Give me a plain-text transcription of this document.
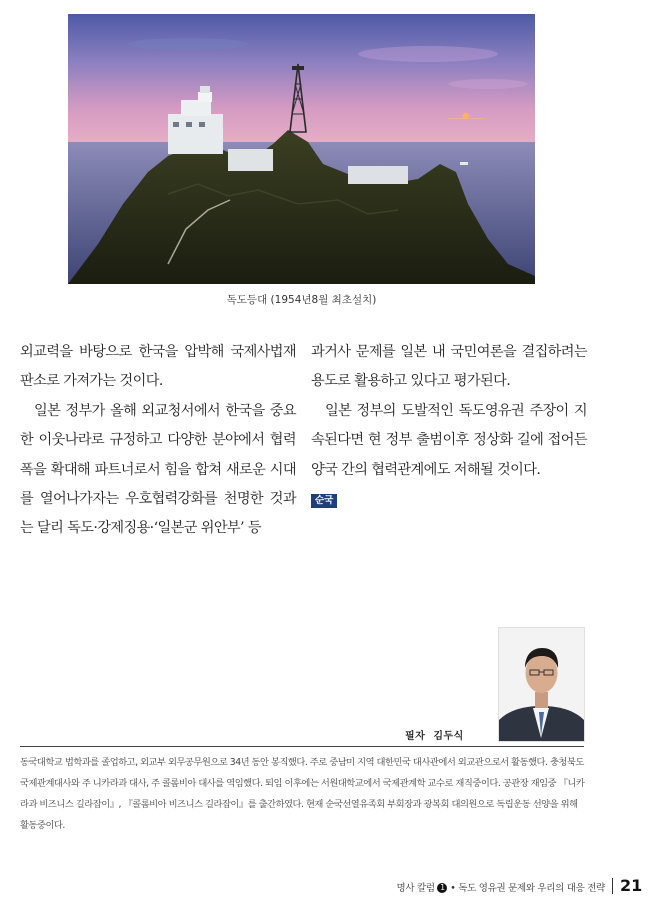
독도등대 (1954년8월 최초설치)

외교력을 바탕으로 한국을 압박해 국제사법재판소로 가져가는 것이다.

일본 정부가 올해 외교청서에서 한국을 중요한 이웃나라로 규정하고 다양한 분야에서 협력 폭을 확대해 파트너로서 힘을 합쳐 새로운 시대를 열어나가자는 우호협력강화를 천명한 것과는 달리 독도·강제징용·‘일본군 위안부’ 등

과거사 문제를 일본 내 국민여론을 결집하려는 용도로 활용하고 있다고 평가된다.

일본 정부의 도발적인 독도영유권 주장이 지속된다면 현 정부 출범이후 정상화 길에 접어든 양국 간의 협력관계에도 저해될 것이다.

순국
필자 김두식
동국대학교 법학과를 졸업하고, 외교부 외무공무원으로 34년 동안 봉직했다. 주로 중남미 지역 대한민국 대사관에서 외교관으로서 활동했다. 충청북도 국제관계대사와 주 니카라과 대사, 주 콜롬비아 대사를 역임했다. 퇴임 이후에는 서원대학교에서 국제관계학 교수로 재직중이다. 공관장 재임중 『니카라과 비즈니스 길라잡이』, 『콜롬비아 비즈니스 길라잡이』를 출간하였다. 현재 순국선열유족회 부회장과 광복회 대의원으로 독립운동 선양을 위해 활동중이다.
명사 칼럼 1 • 독도 영유권 문제와 우리의 대응 전략 21
